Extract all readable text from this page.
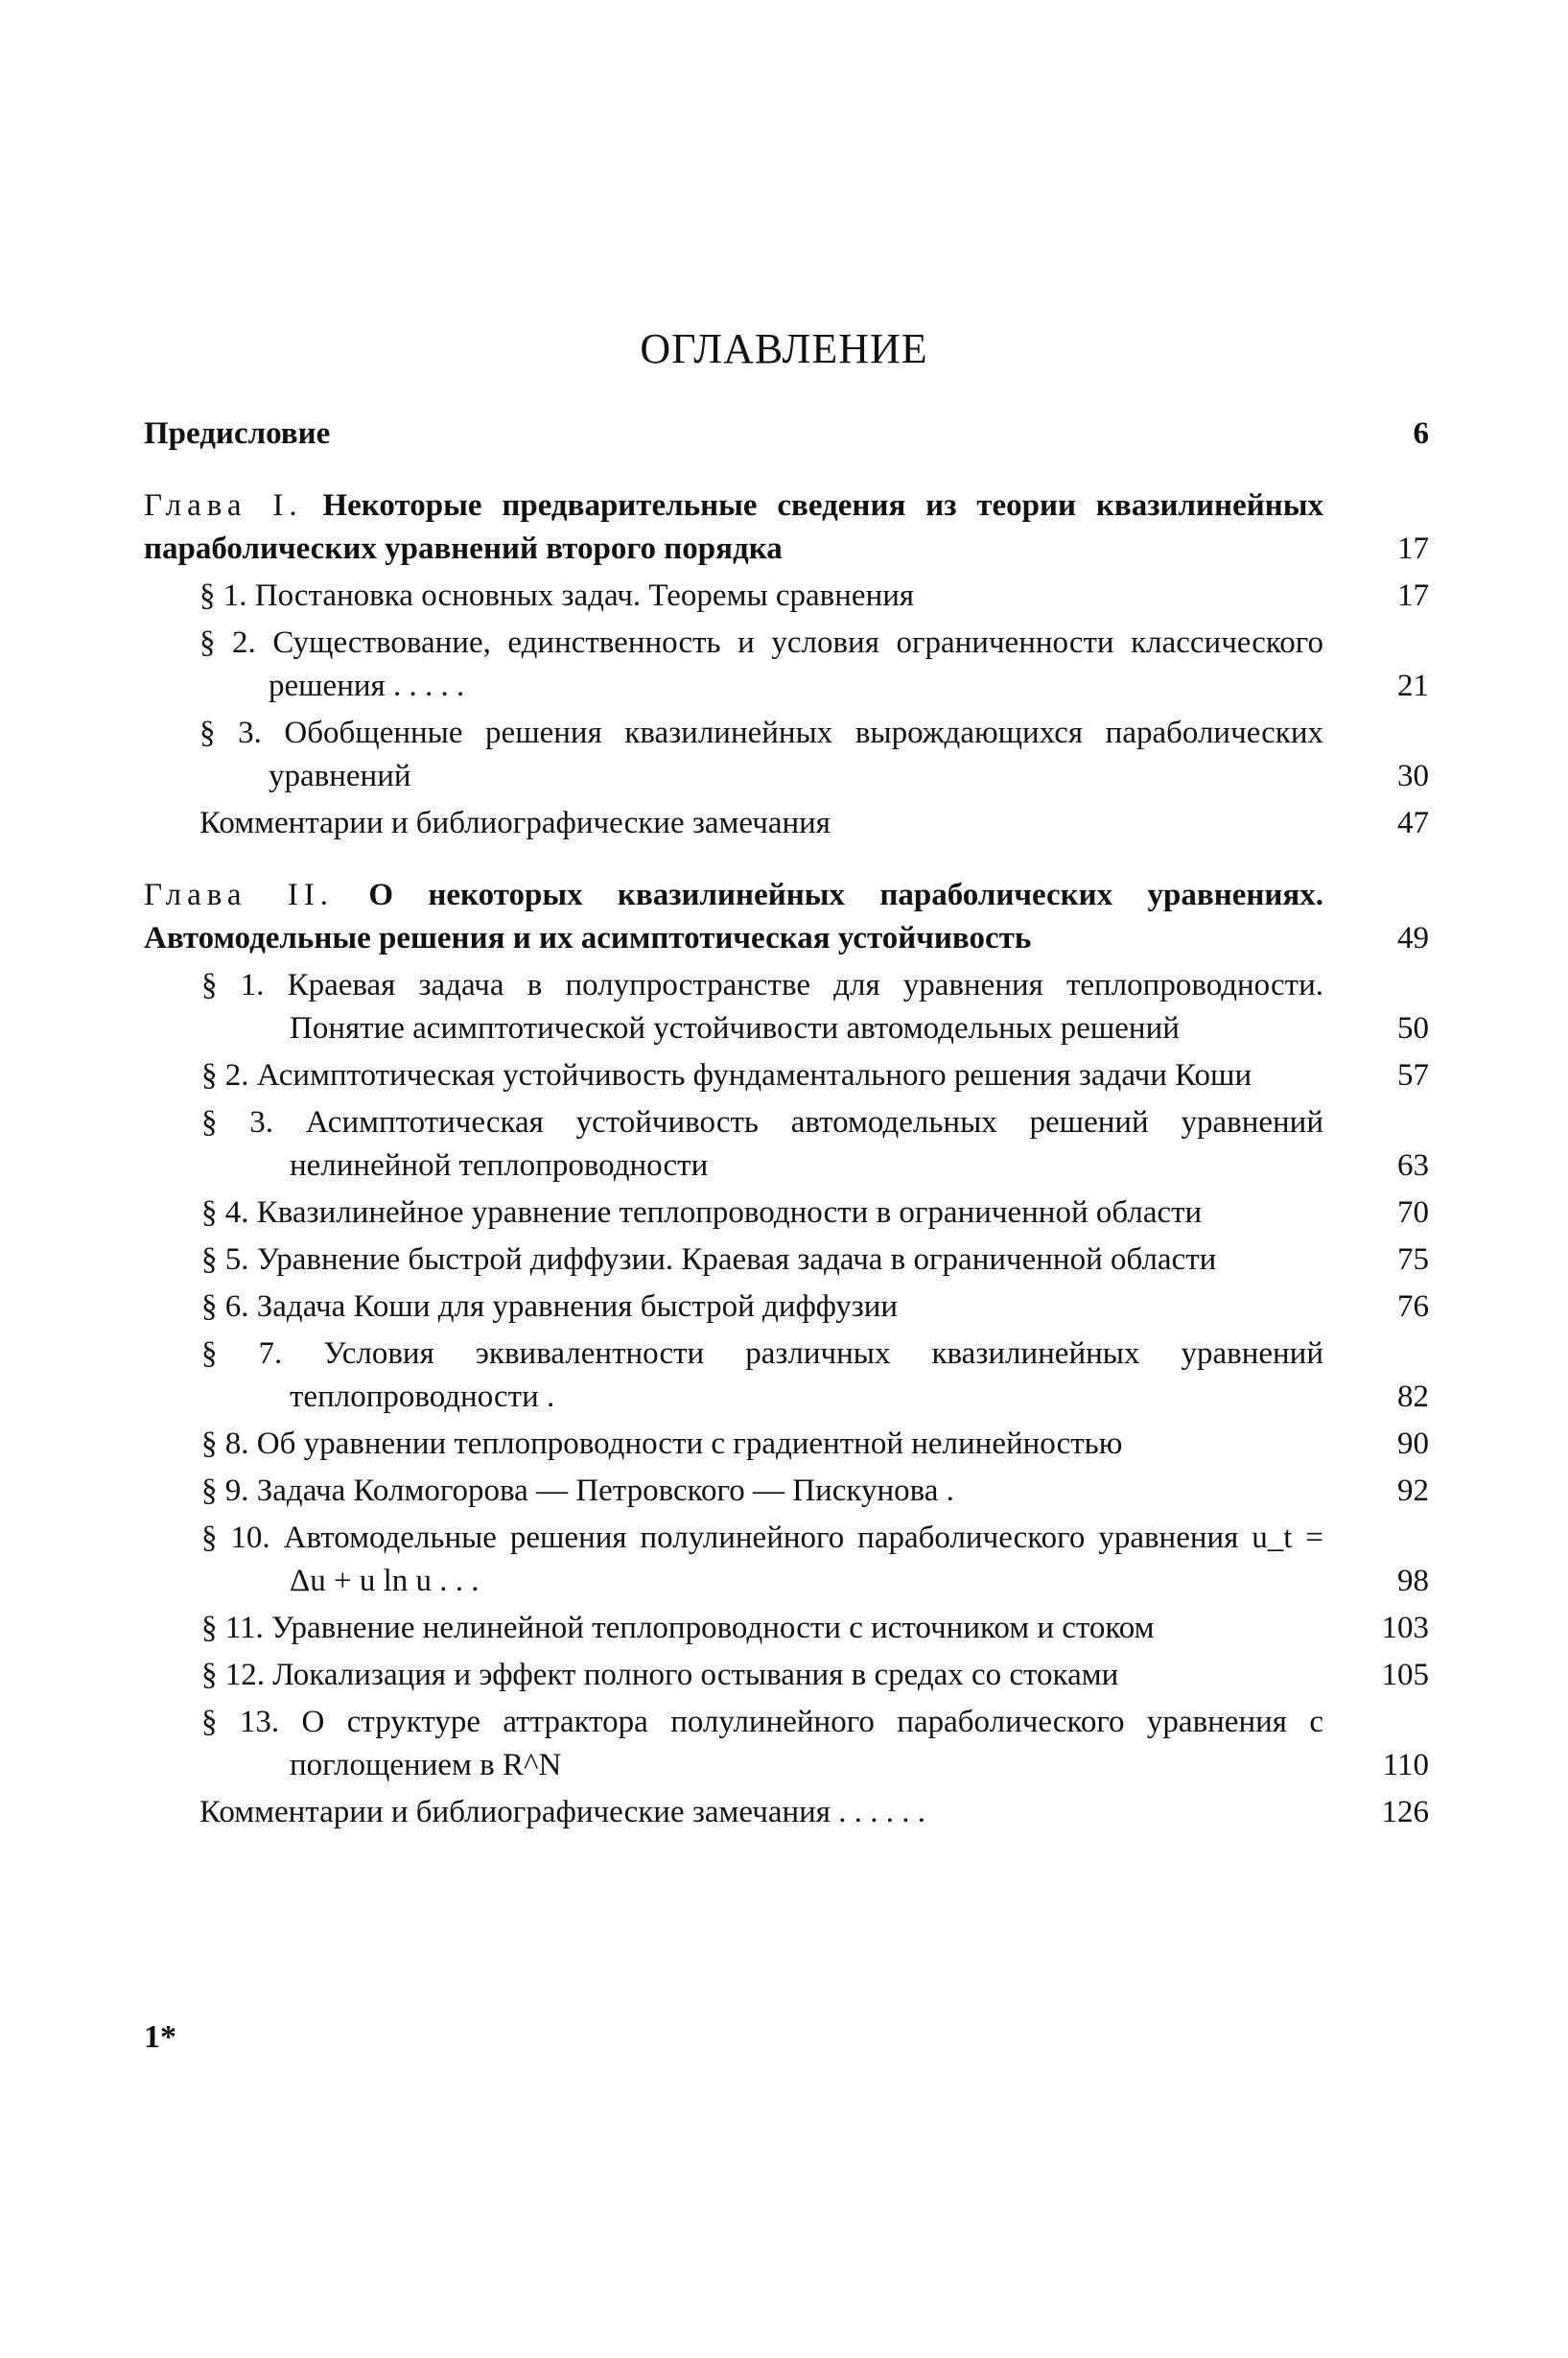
ОГЛАВЛЕНИЕ
Предисловие	6
Глава I. Некоторые предварительные сведения из теории квазилинейных параболических уравнений второго порядка	17
§ 1. Постановка основных задач. Теоремы сравнения	17
§ 2. Существование, единственность и условия ограниченности классического решения . . . . .	21
§ 3. Обобщенные решения квазилинейных вырождающихся параболических уравнений	30
Комментарии и библиографические замечания	47
Глава II. О некоторых квазилинейных параболических уравнениях. Автомодельные решения и их асимптотическая устойчивость	49
§ 1. Краевая задача в полупространстве для уравнения теплопроводности. Понятие асимптотической устойчивости автомодельных решений	50
§ 2. Асимптотическая устойчивость фундаментального решения задачи Коши	57
§ 3. Асимптотическая устойчивость автомодельных решений уравнений нелинейной теплопроводности	63
§ 4. Квазилинейное уравнение теплопроводности в ограниченной области	70
§ 5. Уравнение быстрой диффузии. Краевая задача в ограниченной области	75
§ 6. Задача Коши для уравнения быстрой диффузии	76
§ 7. Условия эквивалентности различных квазилинейных уравнений теплопроводности .	82
§ 8. Об уравнении теплопроводности с градиентной нелинейностью	90
§ 9. Задача Колмогорова — Петровского — Пискунова .	92
§ 10. Автомодельные решения полулинейного параболического уравнения u_t = Δu + u ln u . . .	98
§ 11. Уравнение нелинейной теплопроводности с источником и стоком	103
§ 12. Локализация и эффект полного остывания в средах со стоками	105
§ 13. О структуре аттрактора полулинейного параболического уравнения с поглощением в R^N	110
Комментарии и библиографические замечания . . . . . .	126
1*
